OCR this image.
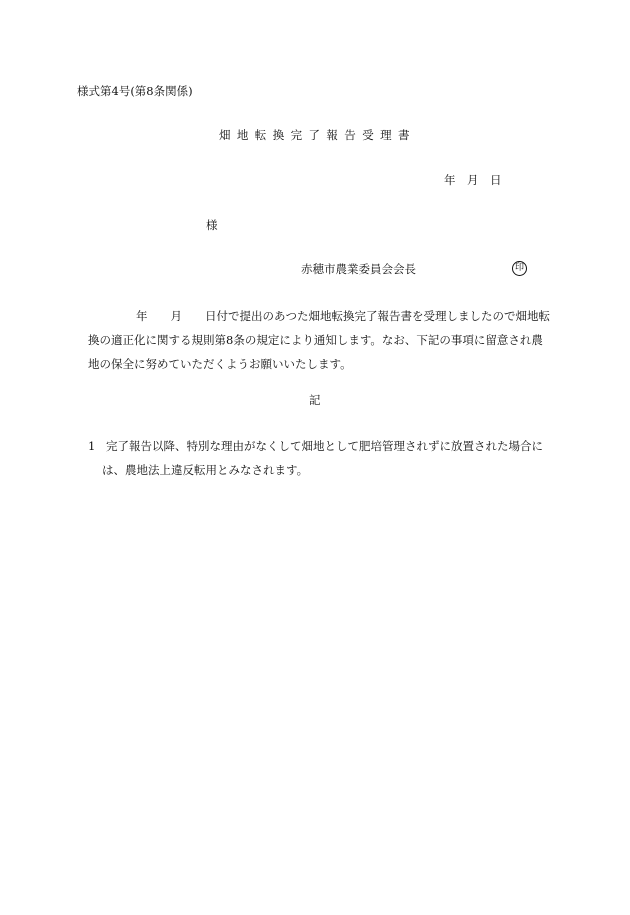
様式第4号(第8条関係)
畑地転換完了報告受理書
年　月　日
様
赤穂市農業委員会会長	印
年　　月　　日付で提出のあつた畑地転換完了報告書を受理しましたので畑地転換の適正化に関する規則第8条の規定により通知します。なお、下記の事項に留意され農地の保全に努めていただくようお願いいたします。
記
1 完了報告以降、特別な理由がなくして畑地として肥培管理されずに放置された場合には、農地法上違反転用とみなされます。
